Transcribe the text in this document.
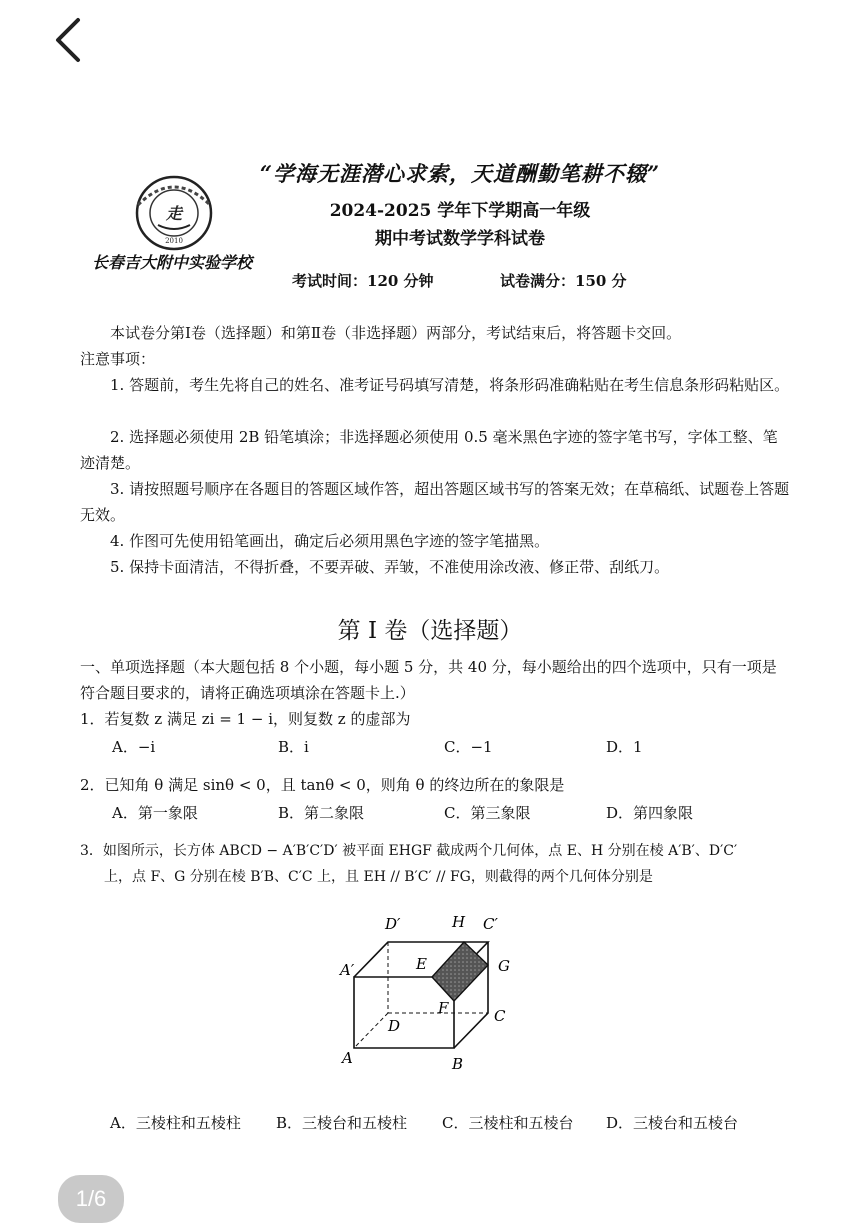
走
2010
“学海无涯潜心求索，天道酬勤笔耕不辍”
2024-2025 学年下学期高一年级
期中考试数学学科试卷
长春吉大附中实验学校
考试时间：120 分钟	试卷满分：150 分
本试卷分第Ⅰ卷（选择题）和第Ⅱ卷（非选择题）两部分，考试结束后，将答题卡交回。
注意事项：
1. 答题前，考生先将自己的姓名、准考证号码填写清楚，将条形码准确粘贴在考生信息条形码粘贴区。
2. 选择题必须使用 2B 铅笔填涂；非选择题必须使用 0.5 毫米黑色字迹的签字笔书写，字体工整、笔迹清楚。
3. 请按照题号顺序在各题目的答题区域作答，超出答题区域书写的答案无效；在草稿纸、试题卷上答题无效。
4. 作图可先使用铅笔画出，确定后必须用黑色字迹的签字笔描黑。
5. 保持卡面清洁，不得折叠，不要弄破、弄皱，不准使用涂改液、修正带、刮纸刀。
第 I 卷（选择题）
一、单项选择题（本大题包括 8 个小题，每小题 5 分，共 40 分，每小题给出的四个选项中，只有一项是符合题目要求的，请将正确选项填涂在答题卡上.）
1．若复数 z 满足 zi = 1 − i，则复数 z 的虚部为
A．−i	B．i	C．−1	D．1
2．已知角 θ 满足 sinθ < 0，且 tanθ < 0，则角 θ 的终边所在的象限是
A．第一象限	B．第二象限	C．第三象限	D．第四象限
3．如图所示，长方体 ABCD − A′B′C′D′ 被平面 EHGF 截成两个几何体，点 E、H 分别在棱 A′B′、D′C′
上，点 F、G 分别在棱 B′B、C′C 上，且 EH // B′C′ // FG，则截得的两个几何体分别是
D′	H C′
A′	E	G
F	C
D
A	B
A．三棱柱和五棱柱 B．三棱台和五棱柱 C．三棱柱和五棱台 D．三棱台和五棱台
1/6
